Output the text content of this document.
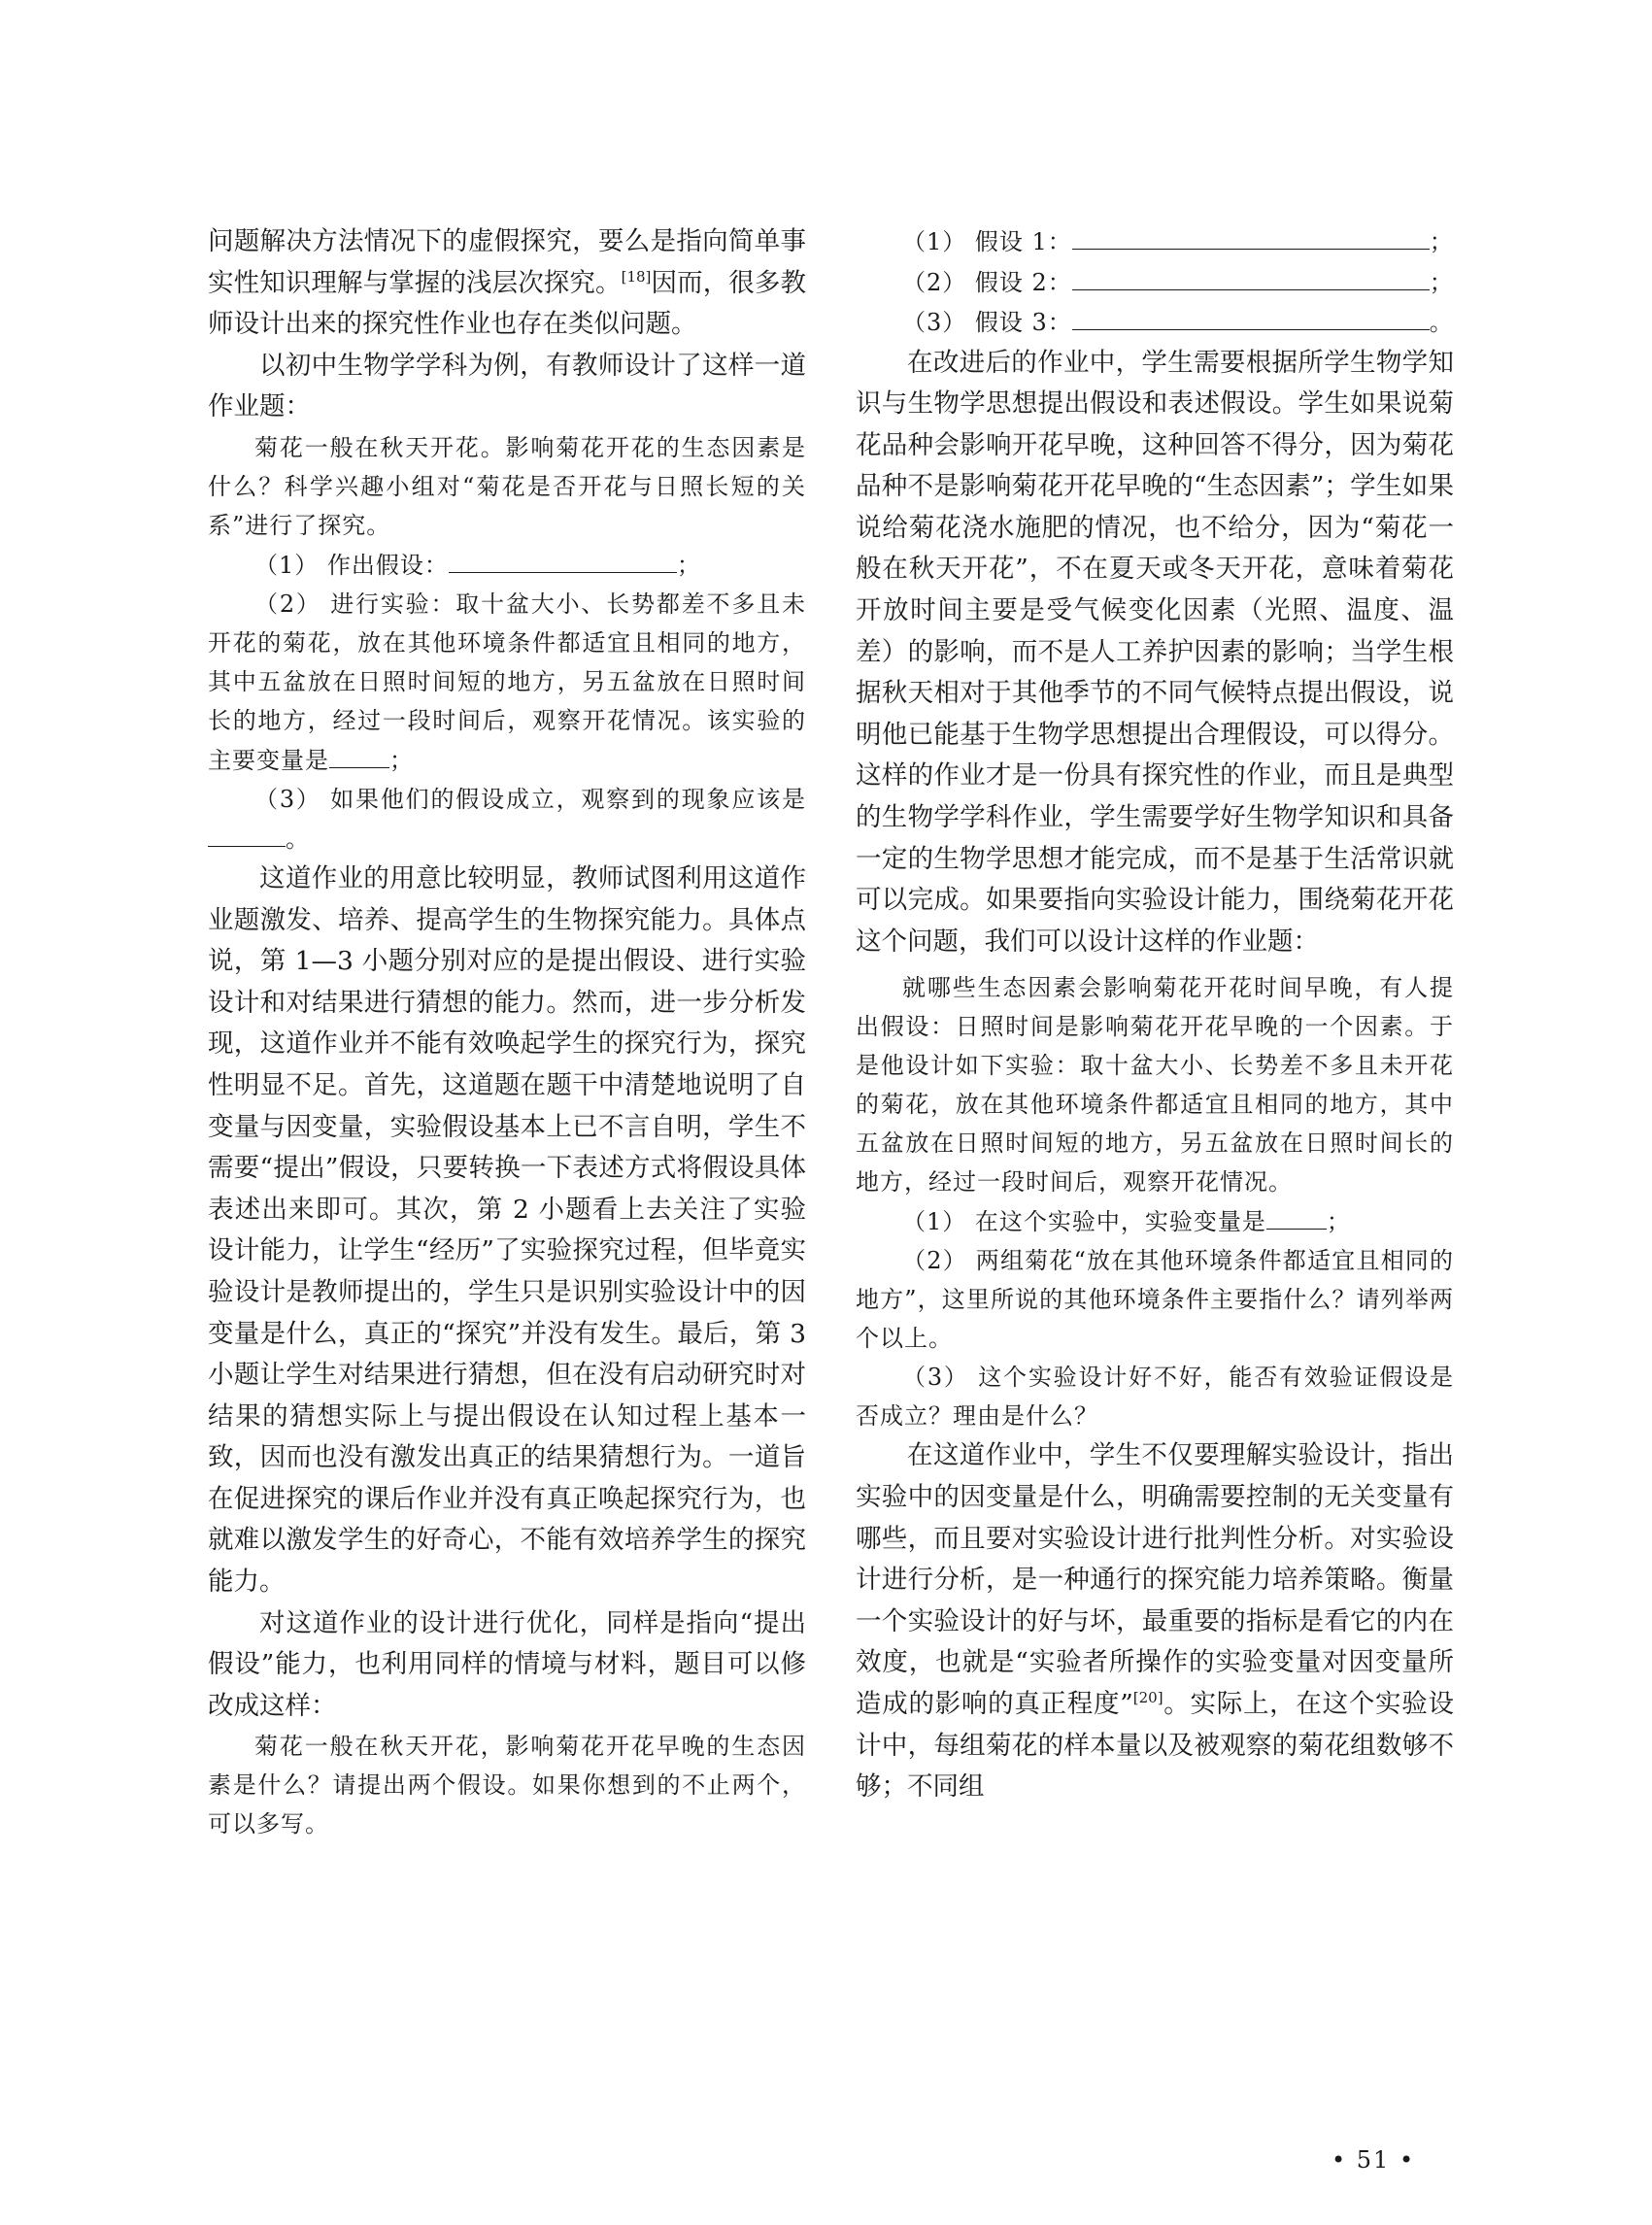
问题解决方法情况下的虚假探究，要么是指向简单事实性知识理解与掌握的浅层次探究。[18]因而，很多教师设计出来的探究性作业也存在类似问题。

以初中生物学学科为例，有教师设计了这样一道作业题：

菊花一般在秋天开花。影响菊花开花的生态因素是什么？科学兴趣小组对“菊花是否开花与日照长短的关系”进行了探究。

（1） 作出假设：	；

（2） 进行实验：取十盆大小、长势都差不多且未开花的菊花，放在其他环境条件都适宜且相同的地方，其中五盆放在日照时间短的地方，另五盆放在日照时间长的地方，经过一段时间后，观察开花情况。该实验的主要变量是	；

（3） 如果他们的假设成立，观察到的现象应该是。

这道作业的用意比较明显，教师试图利用这道作业题激发、培养、提高学生的生物探究能力。具体点说，第 1—3 小题分别对应的是提出假设、进行实验设计和对结果进行猜想的能力。然而，进一步分析发现，这道作业并不能有效唤起学生的探究行为，探究性明显不足。首先，这道题在题干中清楚地说明了自变量与因变量，实验假设基本上已不言自明，学生不需要“提出”假设，只要转换一下表述方式将假设具体表述出来即可。其次，第 2 小题看上去关注了实验设计能力，让学生“经历”了实验探究过程，但毕竟实验设计是教师提出的，学生只是识别实验设计中的因变量是什么，真正的“探究”并没有发生。最后，第 3 小题让学生对结果进行猜想，但在没有启动研究时对结果的猜想实际上与提出假设在认知过程上基本一致，因而也没有激发出真正的结果猜想行为。一道旨在促进探究的课后作业并没有真正唤起探究行为，也就难以激发学生的好奇心，不能有效培养学生的探究能力。

对这道作业的设计进行优化，同样是指向“提出假设”能力，也利用同样的情境与材料，题目可以修改成这样：

菊花一般在秋天开花，影响菊花开花早晚的生态因素是什么？请提出两个假设。如果你想到的不止两个，可以多写。

（1） 假设 1：	；

（2） 假设 2：	；

（3） 假设 3：	。

在改进后的作业中，学生需要根据所学生物学知识与生物学思想提出假设和表述假设。学生如果说菊花品种会影响开花早晚，这种回答不得分，因为菊花品种不是影响菊花开花早晚的“生态因素”；学生如果说给菊花浇水施肥的情况，也不给分，因为“菊花一般在秋天开花”，不在夏天或冬天开花，意味着菊花开放时间主要是受气候变化因素（光照、温度、温差）的影响，而不是人工养护因素的影响；当学生根据秋天相对于其他季节的不同气候特点提出假设，说明他已能基于生物学思想提出合理假设，可以得分。这样的作业才是一份具有探究性的作业，而且是典型的生物学学科作业，学生需要学好生物学知识和具备一定的生物学思想才能完成，而不是基于生活常识就可以完成。如果要指向实验设计能力，围绕菊花开花这个问题，我们可以设计这样的作业题：

就哪些生态因素会影响菊花开花时间早晚，有人提出假设：日照时间是影响菊花开花早晚的一个因素。于是他设计如下实验：取十盆大小、长势差不多且未开花的菊花，放在其他环境条件都适宜且相同的地方，其中五盆放在日照时间短的地方，另五盆放在日照时间长的地方，经过一段时间后，观察开花情况。

（1） 在这个实验中，实验变量是	；

（2） 两组菊花“放在其他环境条件都适宜且相同的地方”，这里所说的其他环境条件主要指什么？请列举两个以上。

（3） 这个实验设计好不好，能否有效验证假设是否成立？理由是什么？

在这道作业中，学生不仅要理解实验设计，指出实验中的因变量是什么，明确需要控制的无关变量有哪些，而且要对实验设计进行批判性分析。对实验设计进行分析，是一种通行的探究能力培养策略。衡量一个实验设计的好与坏，最重要的指标是看它的内在效度，也就是“实验者所操作的实验变量对因变量所造成的影响的真正程度”[20]。实际上，在这个实验设计中，每组菊花的样本量以及被观察的菊花组数够不够；不同组

• 51 •
